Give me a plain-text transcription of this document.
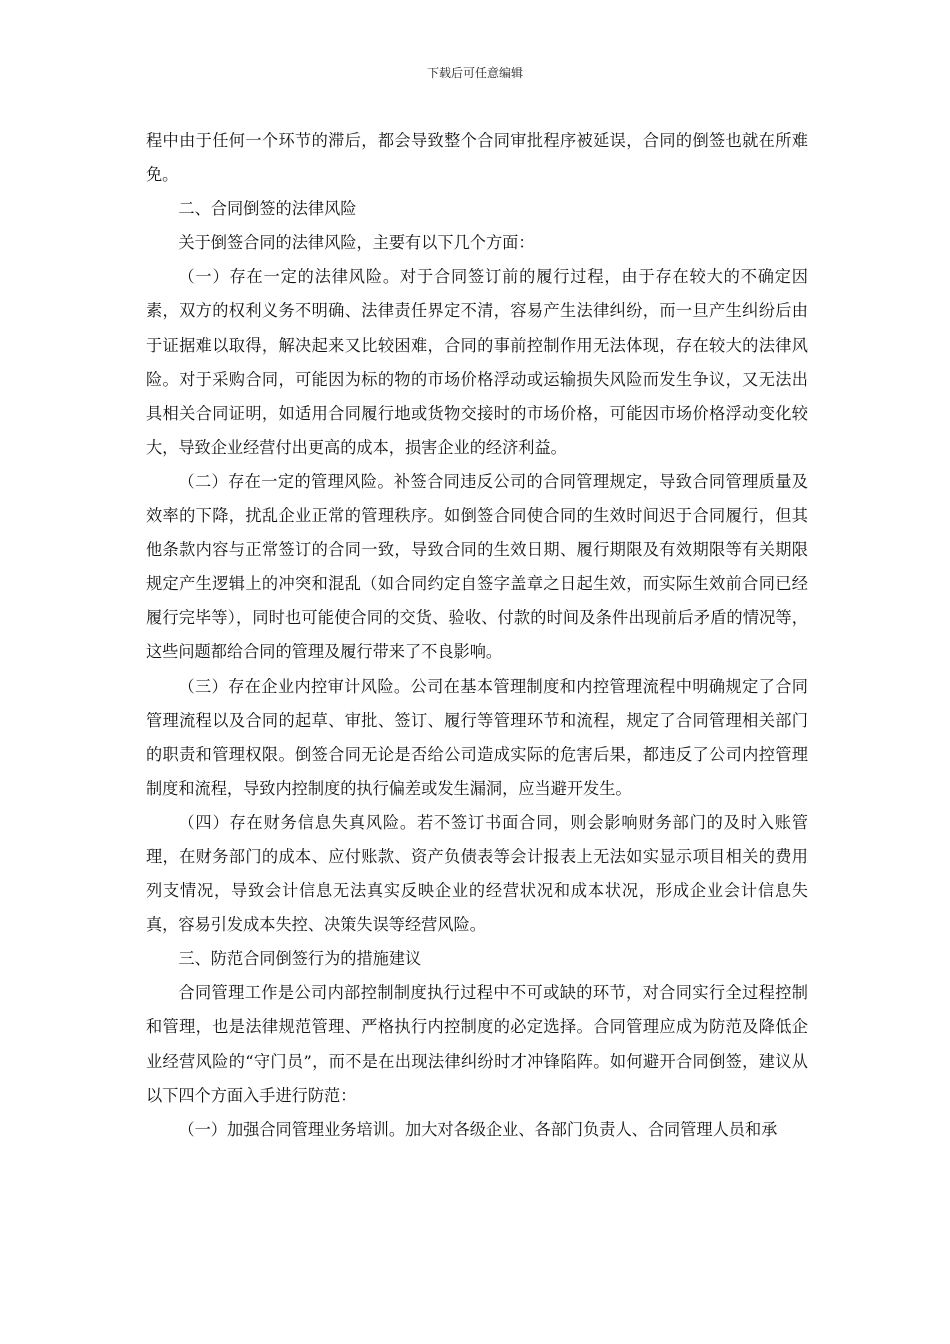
下载后可任意编辑

程中由于任何一个环节的滞后，都会导致整个合同审批程序被延误，合同的倒签也就在所难免。

二、合同倒签的法律风险

关于倒签合同的法律风险，主要有以下几个方面：

（一）存在一定的法律风险。对于合同签订前的履行过程，由于存在较大的不确定因素，双方的权利义务不明确、法律责任界定不清，容易产生法律纠纷，而一旦产生纠纷后由于证据难以取得，解决起来又比较困难，合同的事前控制作用无法体现，存在较大的法律风险。对于采购合同，可能因为标的物的市场价格浮动或运输损失风险而发生争议，又无法出具相关合同证明，如适用合同履行地或货物交接时的市场价格，可能因市场价格浮动变化较大，导致企业经营付出更高的成本，损害企业的经济利益。

（二）存在一定的管理风险。补签合同违反公司的合同管理规定，导致合同管理质量及效率的下降，扰乱企业正常的管理秩序。如倒签合同使合同的生效时间迟于合同履行，但其他条款内容与正常签订的合同一致，导致合同的生效日期、履行期限及有效期限等有关期限规定产生逻辑上的冲突和混乱（如合同约定自签字盖章之日起生效，而实际生效前合同已经履行完毕等），同时也可能使合同的交货、验收、付款的时间及条件出现前后矛盾的情况等，这些问题都给合同的管理及履行带来了不良影响。

（三）存在企业内控审计风险。公司在基本管理制度和内控管理流程中明确规定了合同管理流程以及合同的起草、审批、签订、履行等管理环节和流程，规定了合同管理相关部门的职责和管理权限。倒签合同无论是否给公司造成实际的危害后果，都违反了公司内控管理制度和流程，导致内控制度的执行偏差或发生漏洞，应当避开发生。

（四）存在财务信息失真风险。若不签订书面合同，则会影响财务部门的及时入账管理，在财务部门的成本、应付账款、资产负债表等会计报表上无法如实显示项目相关的费用列支情况，导致会计信息无法真实反映企业的经营状况和成本状况，形成企业会计信息失真，容易引发成本失控、决策失误等经营风险。

三、防范合同倒签行为的措施建议

合同管理工作是公司内部控制制度执行过程中不可或缺的环节，对合同实行全过程控制和管理，也是法律规范管理、严格执行内控制度的必定选择。合同管理应成为防范及降低企业经营风险的“守门员”，而不是在出现法律纠纷时才冲锋陷阵。如何避开合同倒签，建议从以下四个方面入手进行防范：

（一）加强合同管理业务培训。加大对各级企业、各部门负责人、合同管理人员和承
